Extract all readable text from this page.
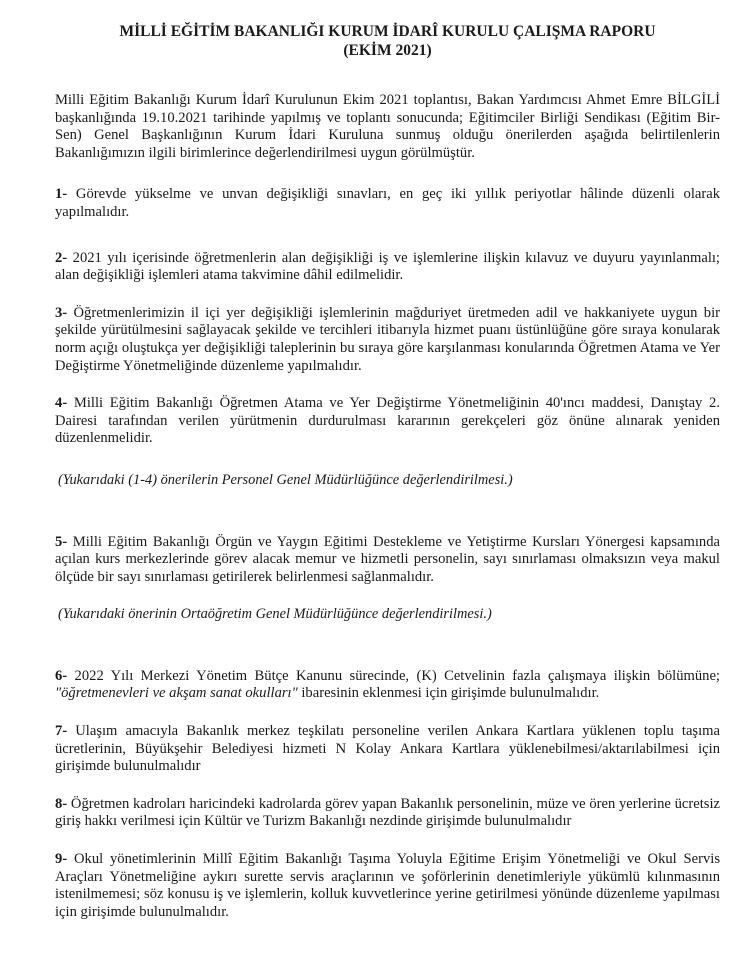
MİLLİ EĞİTİM BAKANLIĞI KURUM İDARÎ KURULU ÇALIŞMA RAPORU

(EKİM 2021)

Milli Eğitim Bakanlığı Kurum İdarî Kurulunun Ekim 2021 toplantısı, Bakan Yardımcısı Ahmet Emre BİLGİLİ başkanlığında 19.10.2021 tarihinde yapılmış ve toplantı sonucunda; Eğitimciler Birliği Sendikası (Eğitim Bir-Sen) Genel Başkanlığının Kurum İdari Kuruluna sunmuş olduğu önerilerden aşağıda belirtilenlerin Bakanlığımızın ilgili birimlerince değerlendirilmesi uygun görülmüştür.

1- Görevde yükselme ve unvan değişikliği sınavları, en geç iki yıllık periyotlar hâlinde düzenli olarak yapılmalıdır.

2- 2021 yılı içerisinde öğretmenlerin alan değişikliği iş ve işlemlerine ilişkin kılavuz ve duyuru yayınlanmalı; alan değişikliği işlemleri atama takvimine dâhil edilmelidir.

3- Öğretmenlerimizin il içi yer değişikliği işlemlerinin mağduriyet üretmeden adil ve hakkaniyete uygun bir şekilde yürütülmesini sağlayacak şekilde ve tercihleri itibarıyla hizmet puanı üstünlüğüne göre sıraya konularak norm açığı oluştukça yer değişikliği taleplerinin bu sıraya göre karşılanması konularında Öğretmen Atama ve Yer Değiştirme Yönetmeliğinde düzenleme yapılmalıdır.

4- Milli Eğitim Bakanlığı Öğretmen Atama ve Yer Değiştirme Yönetmeliğinin 40'ıncı maddesi, Danıştay 2. Dairesi tarafından verilen yürütmenin durdurulması kararının gerekçeleri göz önüne alınarak yeniden düzenlenmelidir.

(Yukarıdaki (1-4) önerilerin Personel Genel Müdürlüğünce değerlendirilmesi.)

5- Milli Eğitim Bakanlığı Örgün ve Yaygın Eğitimi Destekleme ve Yetiştirme Kursları Yönergesi kapsamında açılan kurs merkezlerinde görev alacak memur ve hizmetli personelin, sayı sınırlaması olmaksızın veya makul ölçüde bir sayı sınırlaması getirilerek belirlenmesi sağlanmalıdır.

(Yukarıdaki önerinin Ortaöğretim Genel Müdürlüğünce değerlendirilmesi.)

6- 2022 Yılı Merkezi Yönetim Bütçe Kanunu sürecinde, (K) Cetvelinin fazla çalışmaya ilişkin bölümüne; "öğretmenevleri ve akşam sanat okulları" ibaresinin eklenmesi için girişimde bulunulmalıdır.

7- Ulaşım amacıyla Bakanlık merkez teşkilatı personeline verilen Ankara Kartlara yüklenen toplu taşıma ücretlerinin, Büyükşehir Belediyesi hizmeti N Kolay Ankara Kartlara yüklenebilmesi/aktarılabilmesi için girişimde bulunulmalıdır

8- Öğretmen kadroları haricindeki kadrolarda görev yapan Bakanlık personelinin, müze ve ören yerlerine ücretsiz giriş hakkı verilmesi için Kültür ve Turizm Bakanlığı nezdinde girişimde bulunulmalıdır

9- Okul yönetimlerinin Millî Eğitim Bakanlığı Taşıma Yoluyla Eğitime Erişim Yönetmeliği ve Okul Servis Araçları Yönetmeliğine aykırı surette servis araçlarının ve şoförlerinin denetimleriyle yükümlü kılınmasının istenilmemesi; söz konusu iş ve işlemlerin, kolluk kuvvetlerince yerine getirilmesi yönünde düzenleme yapılması için girişimde bulunulmalıdır.
